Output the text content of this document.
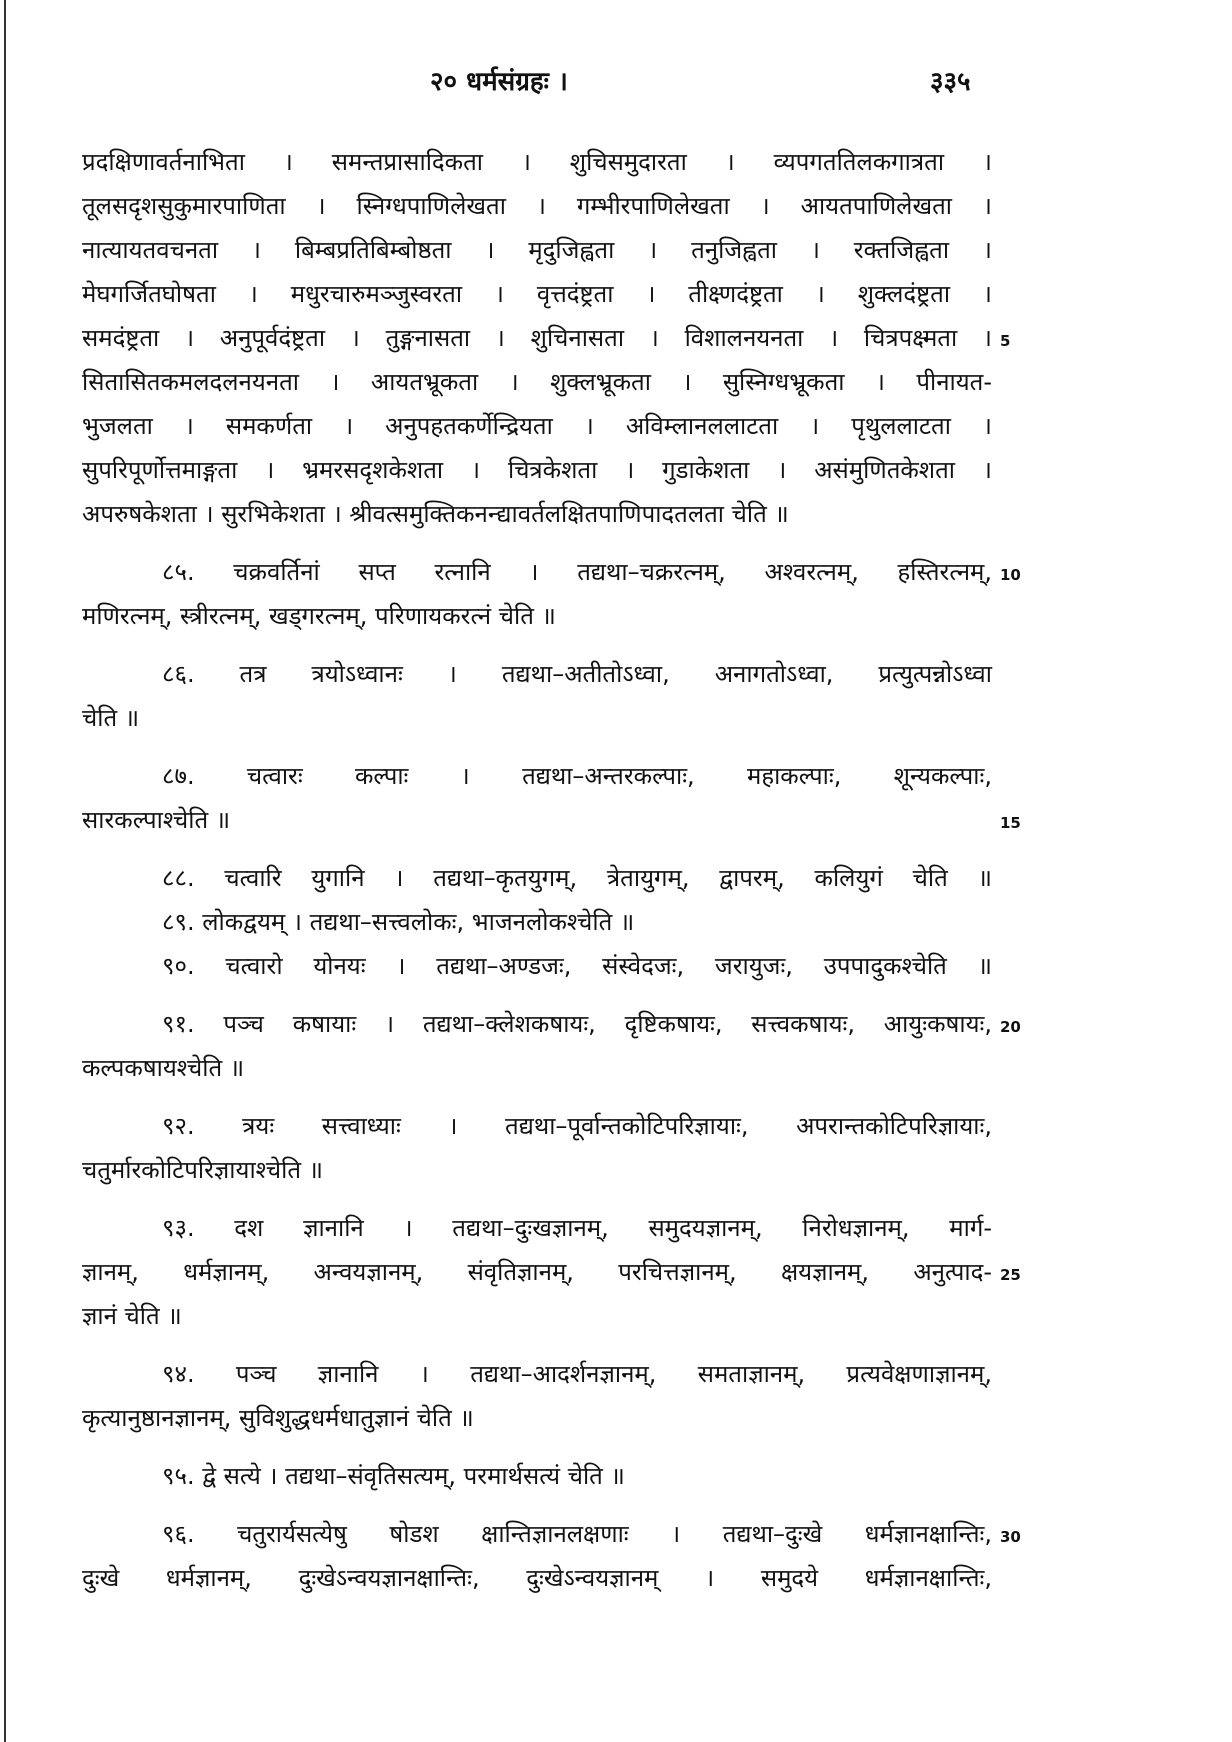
२० धर्मसंग्रहः ।	३३५
प्रदक्षिणावर्तनाभिता । समन्तप्रासादिकता । शुचिसमुदारता । व्यपगततिलकगात्रता ।
तूलसदृशसुकुमारपाणिता । स्निग्धपाणिलेखता । गम्भीरपाणिलेखता । आयतपाणिलेखता ।
नात्यायतवचनता । बिम्बप्रतिबिम्बोष्ठता । मृदुजिह्वता । तनुजिह्वता । रक्तजिह्वता ।
मेघगर्जितघोषता । मधुरचारुमञ्जुस्वरता । वृत्तदंष्ट्रता । तीक्ष्णदंष्ट्रता । शुक्लदंष्ट्रता ।
समदंष्ट्रता । अनुपूर्वदंष्ट्रता । तुङ्गनासता । शुचिनासता । विशालनयनता । चित्रपक्ष्मता । 5
सितासितकमलदलनयनता । आयतभ्रूकता । शुक्लभ्रूकता । सुस्निग्धभ्रूकता । पीनायत-
भुजलता । समकर्णता । अनुपहतकर्णेन्द्रियता । अविम्लानललाटता । पृथुललाटता ।
सुपरिपूर्णोत्तमाङ्गता । भ्रमरसदृशकेशता । चित्रकेशता । गुडाकेशता । असंमुणितकेशता ।
अपरुषकेशता । सुरभिकेशता । श्रीवत्समुक्तिकनन्द्यावर्तलक्षितपाणिपादतलता चेति ॥
८५. चक्रवर्तिनां सप्त रत्नानि । तद्यथा–चक्ररत्नम्, अश्वरत्नम्, हस्तिरत्नम्, 10
मणिरत्नम्, स्त्रीरत्नम्, खड्गरत्नम्, परिणायकरत्नं चेति ॥
८६. तत्र त्रयोऽध्वानः । तद्यथा–अतीतोऽध्वा, अनागतोऽध्वा, प्रत्युत्पन्नोऽध्वा
चेति ॥
८७. चत्वारः कल्पाः । तद्यथा–अन्तरकल्पाः, महाकल्पाः, शून्यकल्पाः,
सारकल्पाश्चेति ॥	15
८८. चत्वारि युगानि । तद्यथा–कृतयुगम्, त्रेतायुगम्, द्वापरम्, कलियुगं चेति ॥
८९. लोकद्वयम् । तद्यथा–सत्त्वलोकः, भाजनलोकश्चेति ॥
९०. चत्वारो योनयः । तद्यथा–अण्डजः, संस्वेदजः, जरायुजः, उपपादुकश्चेति ॥
९१. पञ्च कषायाः । तद्यथा–क्लेशकषायः, दृष्टिकषायः, सत्त्वकषायः, आयुःकषायः, 20
कल्पकषायश्चेति ॥
९२. त्रयः सत्त्वाध्याः । तद्यथा–पूर्वान्तकोटिपरिज्ञायाः, अपरान्तकोटिपरिज्ञायाः,
चतुर्मारकोटिपरिज्ञायाश्चेति ॥
९३. दश ज्ञानानि । तद्यथा–दुःखज्ञानम्, समुदयज्ञानम्, निरोधज्ञानम्, मार्ग-
ज्ञानम्, धर्मज्ञानम्, अन्वयज्ञानम्, संवृतिज्ञानम्, परचित्तज्ञानम्, क्षयज्ञानम्, अनुत्पाद- 25
ज्ञानं चेति ॥
९४. पञ्च ज्ञानानि । तद्यथा–आदर्शनज्ञानम्, समताज्ञानम्, प्रत्यवेक्षणाज्ञानम्,
कृत्यानुष्ठानज्ञानम्, सुविशुद्धधर्मधातुज्ञानं चेति ॥
९५. द्वे सत्ये । तद्यथा–संवृतिसत्यम्, परमार्थसत्यं चेति ॥
९६. चतुरार्यसत्येषु षोडश क्षान्तिज्ञानलक्षणाः । तद्यथा–दुःखे धर्मज्ञानक्षान्तिः, 30
दुःखे धर्मज्ञानम्, दुःखेऽन्वयज्ञानक्षान्तिः, दुःखेऽन्वयज्ञानम् । समुदये धर्मज्ञानक्षान्तिः,
